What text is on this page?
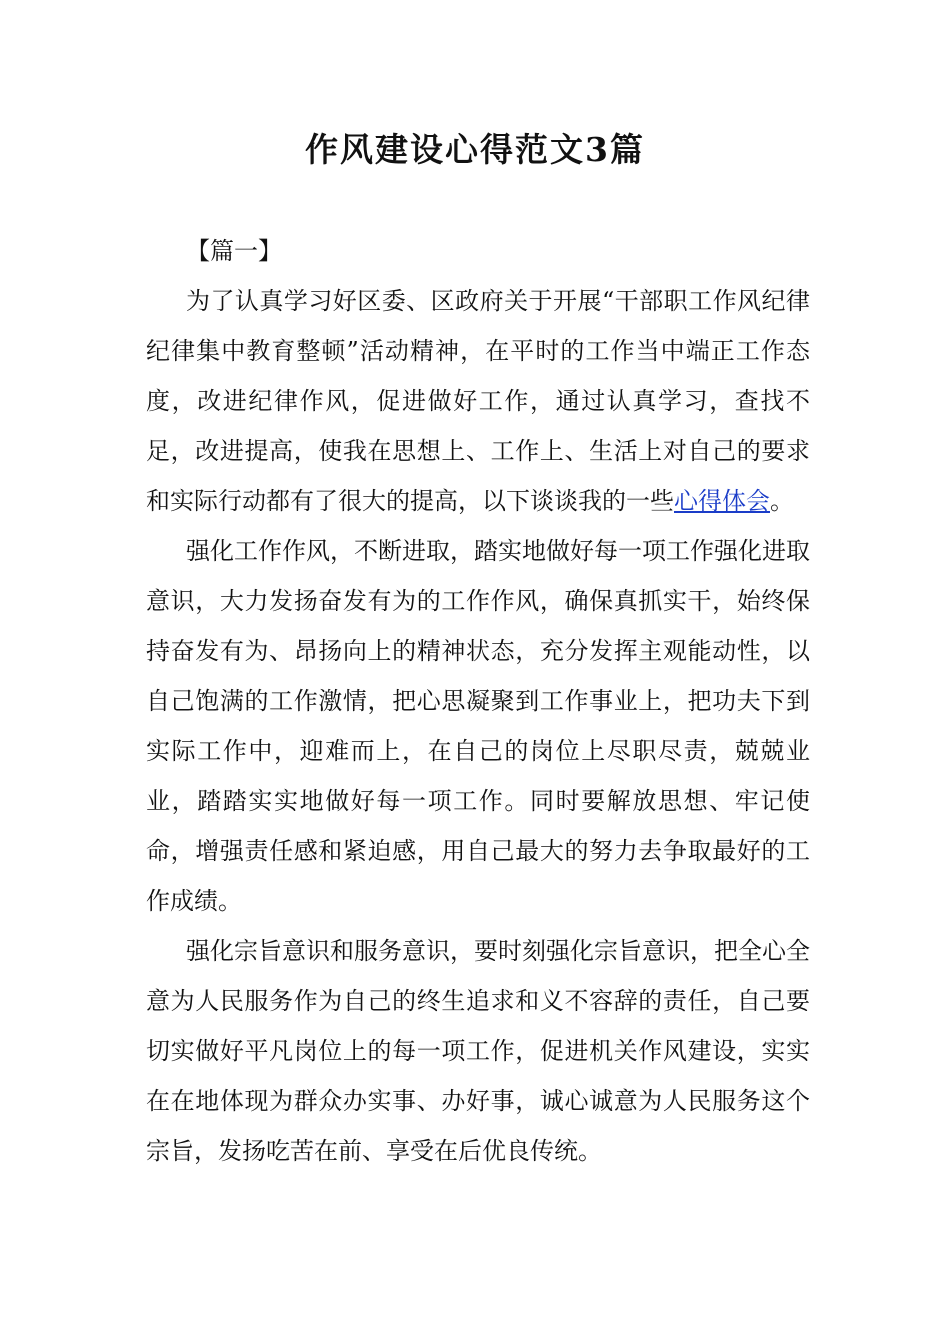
作风建设心得范文3篇

【篇一】

为了认真学习好区委、区政府关于开展“干部职工作风纪律纪律集中教育整顿”活动精神，在平时的工作当中端正工作态度，改进纪律作风，促进做好工作，通过认真学习，查找不足，改进提高，使我在思想上、工作上、生活上对自己的要求和实际行动都有了很大的提高，以下谈谈我的一些心得体会。

强化工作作风，不断进取，踏实地做好每一项工作强化进取意识，大力发扬奋发有为的工作作风，确保真抓实干，始终保持奋发有为、昂扬向上的精神状态，充分发挥主观能动性，以自己饱满的工作激情，把心思凝聚到工作事业上，把功夫下到实际工作中，迎难而上，在自己的岗位上尽职尽责，兢兢业业，踏踏实实地做好每一项工作。同时要解放思想、牢记使命，增强责任感和紧迫感，用自己最大的努力去争取最好的工作成绩。

强化宗旨意识和服务意识，要时刻强化宗旨意识，把全心全意为人民服务作为自己的终生追求和义不容辞的责任，自己要切实做好平凡岗位上的每一项工作，促进机关作风建设，实实在在地体现为群众办实事、办好事，诚心诚意为人民服务这个宗旨，发扬吃苦在前、享受在后优良传统。
